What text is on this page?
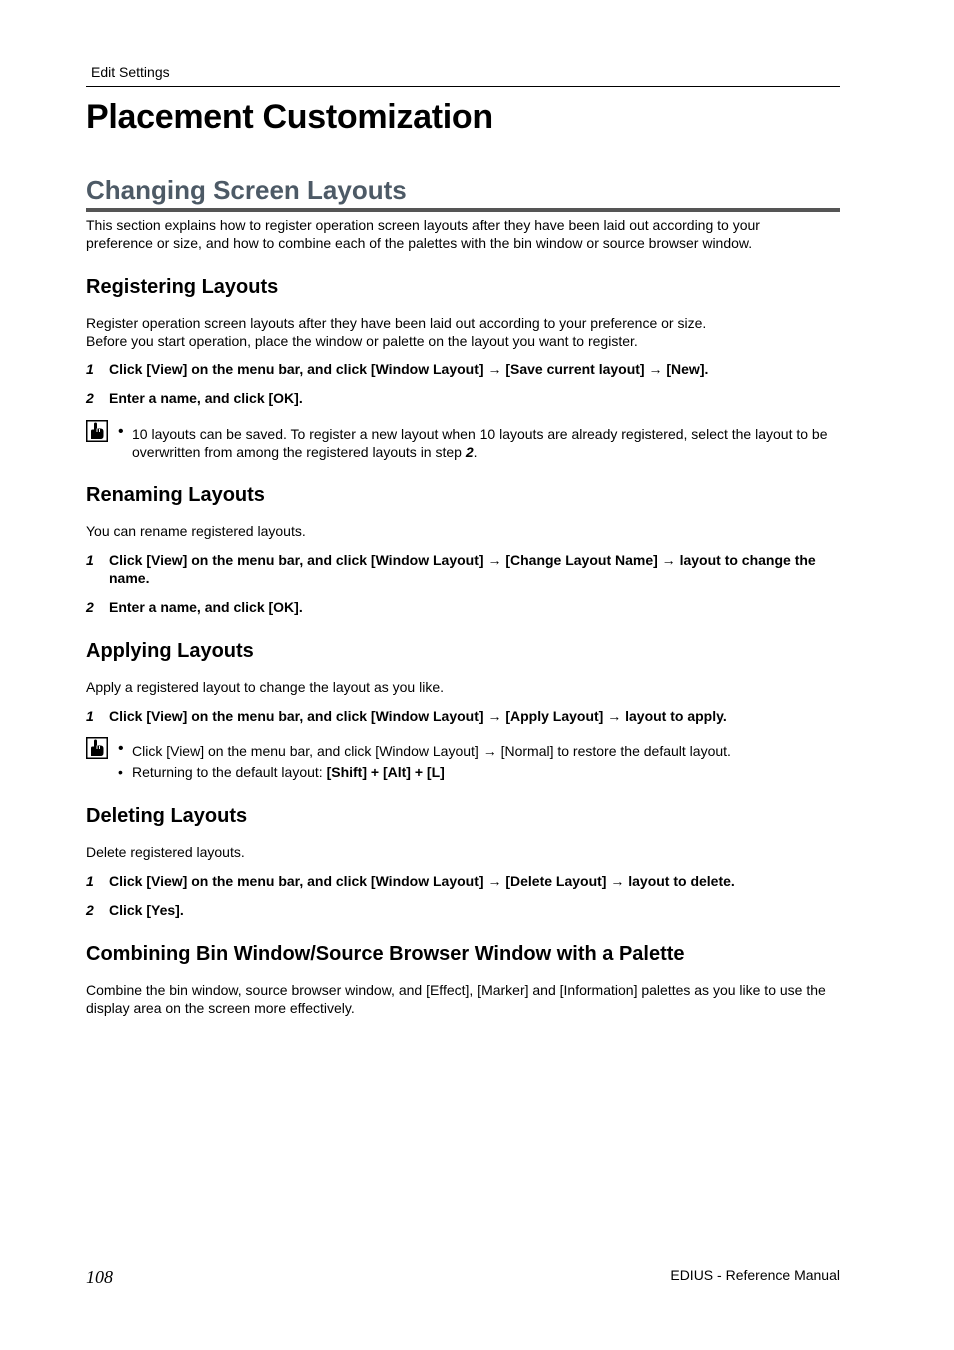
Edit Settings
Placement Customization
Changing Screen Layouts

This section explains how to register operation screen layouts after they have been laid out according to your

preference or size, and how to combine each of the palettes with the bin window or source browser window.

Registering Layouts

Register operation screen layouts after they have been laid out according to your preference or size.

Before you start operation, place the window or palette on the layout you want to register.

1 Click [View] on the menu bar, and click [Window Layout] → [Save current layout] → [New].
2 Enter a name, and click [OK].
• 10 layouts can be saved. To register a new layout when 10 layouts are already registered, select the layout to be
overwritten from among the registered layouts in step 2.
Renaming Layouts

You can rename registered layouts.

1 Click [View] on the menu bar, and click [Window Layout] → [Change Layout Name] → layout to change the
name.
2 Enter a name, and click [OK].
Applying Layouts

Apply a registered layout to change the layout as you like.

1 Click [View] on the menu bar, and click [Window Layout] → [Apply Layout] → layout to apply.
• Click [View] on the menu bar, and click [Window Layout] → [Normal] to restore the default layout.
• Returning to the default layout: [Shift] + [Alt] + [L]
Deleting Layouts

Delete registered layouts.

1 Click [View] on the menu bar, and click [Window Layout] → [Delete Layout] → layout to delete.
2 Click [Yes].
Combining Bin Window/Source Browser Window with a Palette

Combine the bin window, source browser window, and [Effect], [Marker] and [Information] palettes as you like to use the

display area on the screen more effectively.

108	EDIUS - Reference Manual
